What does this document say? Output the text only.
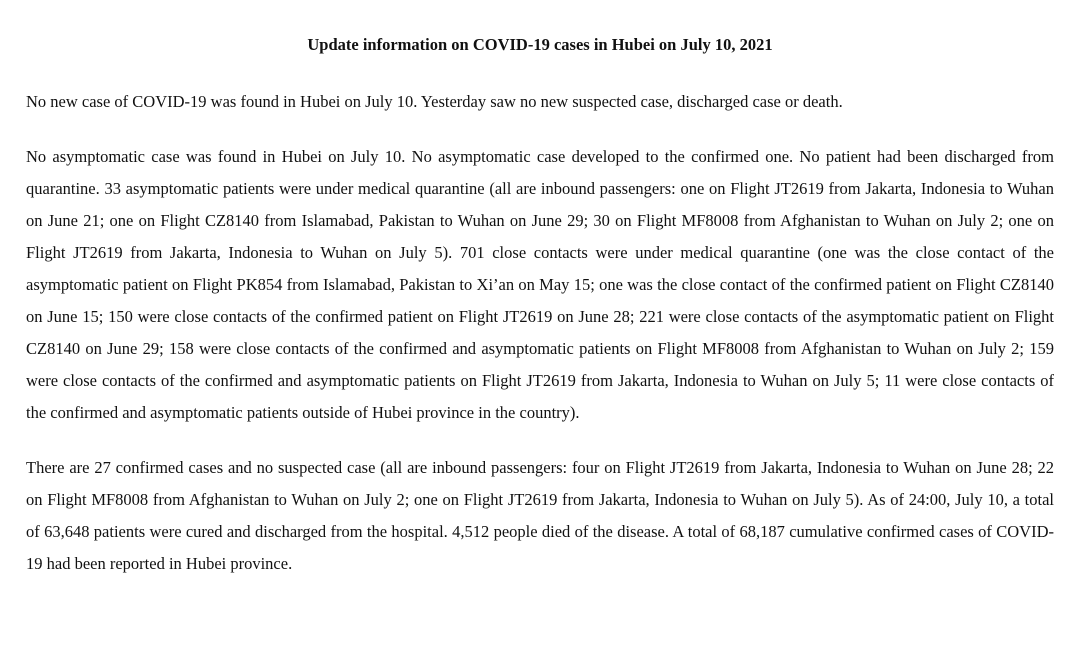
Update information on COVID-19 cases in Hubei on July 10, 2021

No new case of COVID-19 was found in Hubei on July 10. Yesterday saw no new suspected case, discharged case or death.

No asymptomatic case was found in Hubei on July 10. No asymptomatic case developed to the confirmed one. No patient had been discharged from quarantine. 33 asymptomatic patients were under medical quarantine (all are inbound passengers: one on Flight JT2619 from Jakarta, Indonesia to Wuhan on June 21; one on Flight CZ8140 from Islamabad, Pakistan to Wuhan on June 29; 30 on Flight MF8008 from Afghanistan to Wuhan on July 2; one on Flight JT2619 from Jakarta, Indonesia to Wuhan on July 5). 701 close contacts were under medical quarantine (one was the close contact of the asymptomatic patient on Flight PK854 from Islamabad, Pakistan to Xi’an on May 15; one was the close contact of the confirmed patient on Flight CZ8140 on June 15; 150 were close contacts of the confirmed patient on Flight JT2619 on June 28; 221 were close contacts of the asymptomatic patient on Flight CZ8140 on June 29; 158 were close contacts of the confirmed and asymptomatic patients on Flight MF8008 from Afghanistan to Wuhan on July 2; 159 were close contacts of the confirmed and asymptomatic patients on Flight JT2619 from Jakarta, Indonesia to Wuhan on July 5; 11 were close contacts of the confirmed and asymptomatic patients outside of Hubei province in the country).

There are 27 confirmed cases and no suspected case (all are inbound passengers: four on Flight JT2619 from Jakarta, Indonesia to Wuhan on June 28; 22 on Flight MF8008 from Afghanistan to Wuhan on July 2; one on Flight JT2619 from Jakarta, Indonesia to Wuhan on July 5). As of 24:00, July 10, a total of 63,648 patients were cured and discharged from the hospital. 4,512 people died of the disease. A total of 68,187 cumulative confirmed cases of COVID-19 had been reported in Hubei province.
